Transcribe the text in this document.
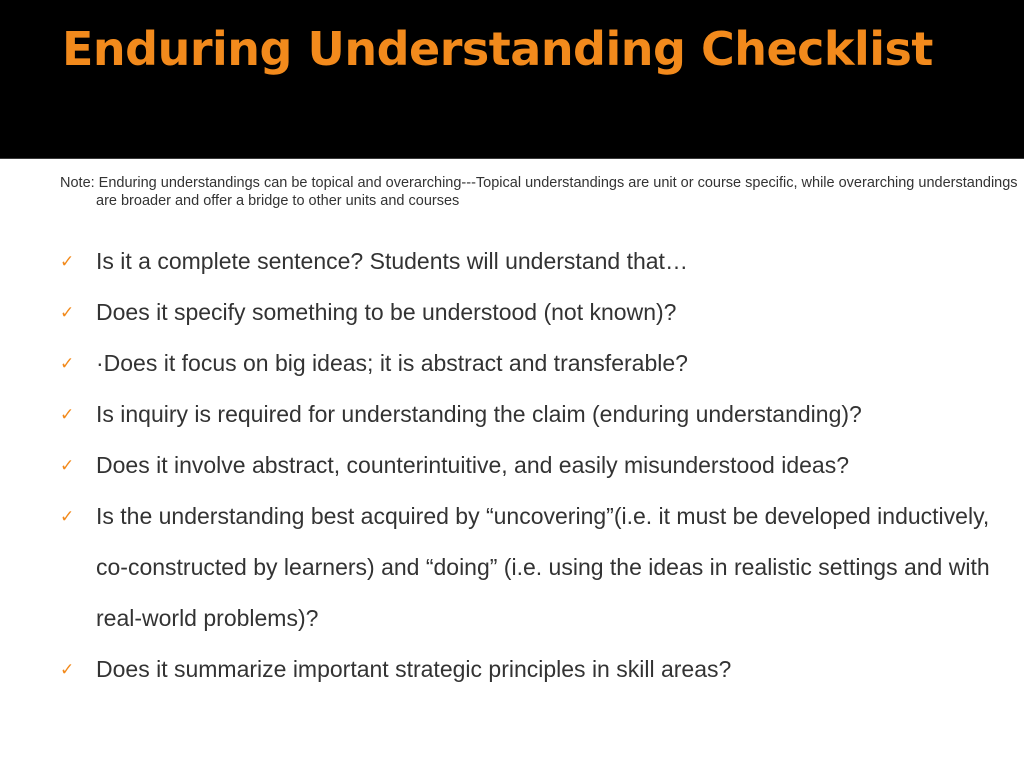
Enduring Understanding Checklist

Note: Enduring understandings can be topical and overarching---Topical understandings are unit or course specific, while overarching understandings are broader and offer a bridge to other units and courses

✓ Is it a complete sentence? Students will understand that…
✓ Does it specify something to be understood (not known)?
✓ ·Does it focus on big ideas; it is abstract and transferable?
✓ Is inquiry is required for understanding the claim (enduring understanding)?
✓ Does it involve abstract, counterintuitive, and easily misunderstood ideas?
✓ Is the understanding best acquired by “uncovering”(i.e. it must be developed inductively, co-constructed by learners) and “doing” (i.e. using the ideas in realistic settings and with real-world problems)?
✓ Does it summarize important strategic principles in skill areas?
